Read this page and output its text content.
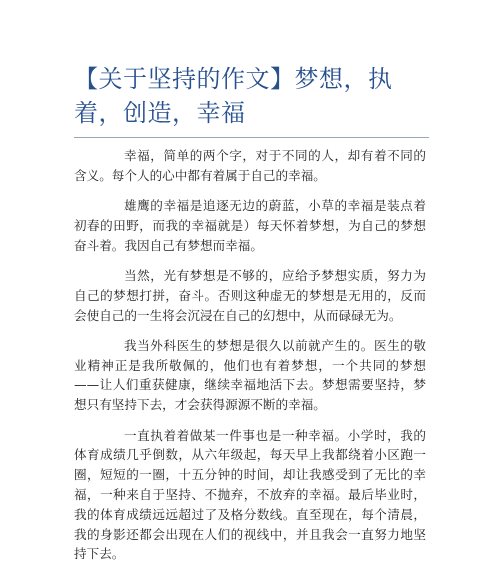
【关于坚持的作文】梦想，执着，创造，幸福

幸福，简单的两个字，对于不同的人，却有着不同的含义。每个人的心中都有着属于自己的幸福。

雄鹰的幸福是追逐无边的蔚蓝，小草的幸福是装点着初春的田野，而我的幸福就是）每天怀着梦想，为自己的梦想奋斗着。我因自己有梦想而幸福。

当然，光有梦想是不够的，应给予梦想实质，努力为自己的梦想打拼，奋斗。否则这种虚无的梦想是无用的，反而会使自己的一生将会沉浸在自己的幻想中，从而碌碌无为。

我当外科医生的梦想是很久以前就产生的。医生的敬业精神正是我所敬佩的，他们也有着梦想，一个共同的梦想——让人们重获健康，继续幸福地活下去。梦想需要坚持，梦想只有坚持下去，才会获得源源不断的幸福。

一直执着着做某一件事也是一种幸福。小学时，我的体育成绩几乎倒数，从六年级起，每天早上我都绕着小区跑一圈，短短的一圈，十五分钟的时间，却让我感受到了无比的幸福，一种来自于坚持、不抛弃，不放弃的幸福。最后毕业时，我的体育成绩远远超过了及格分数线。直至现在，每个清晨，我的身影还都会出现在人们的视线中，并且我会一直努力地坚持下去。
